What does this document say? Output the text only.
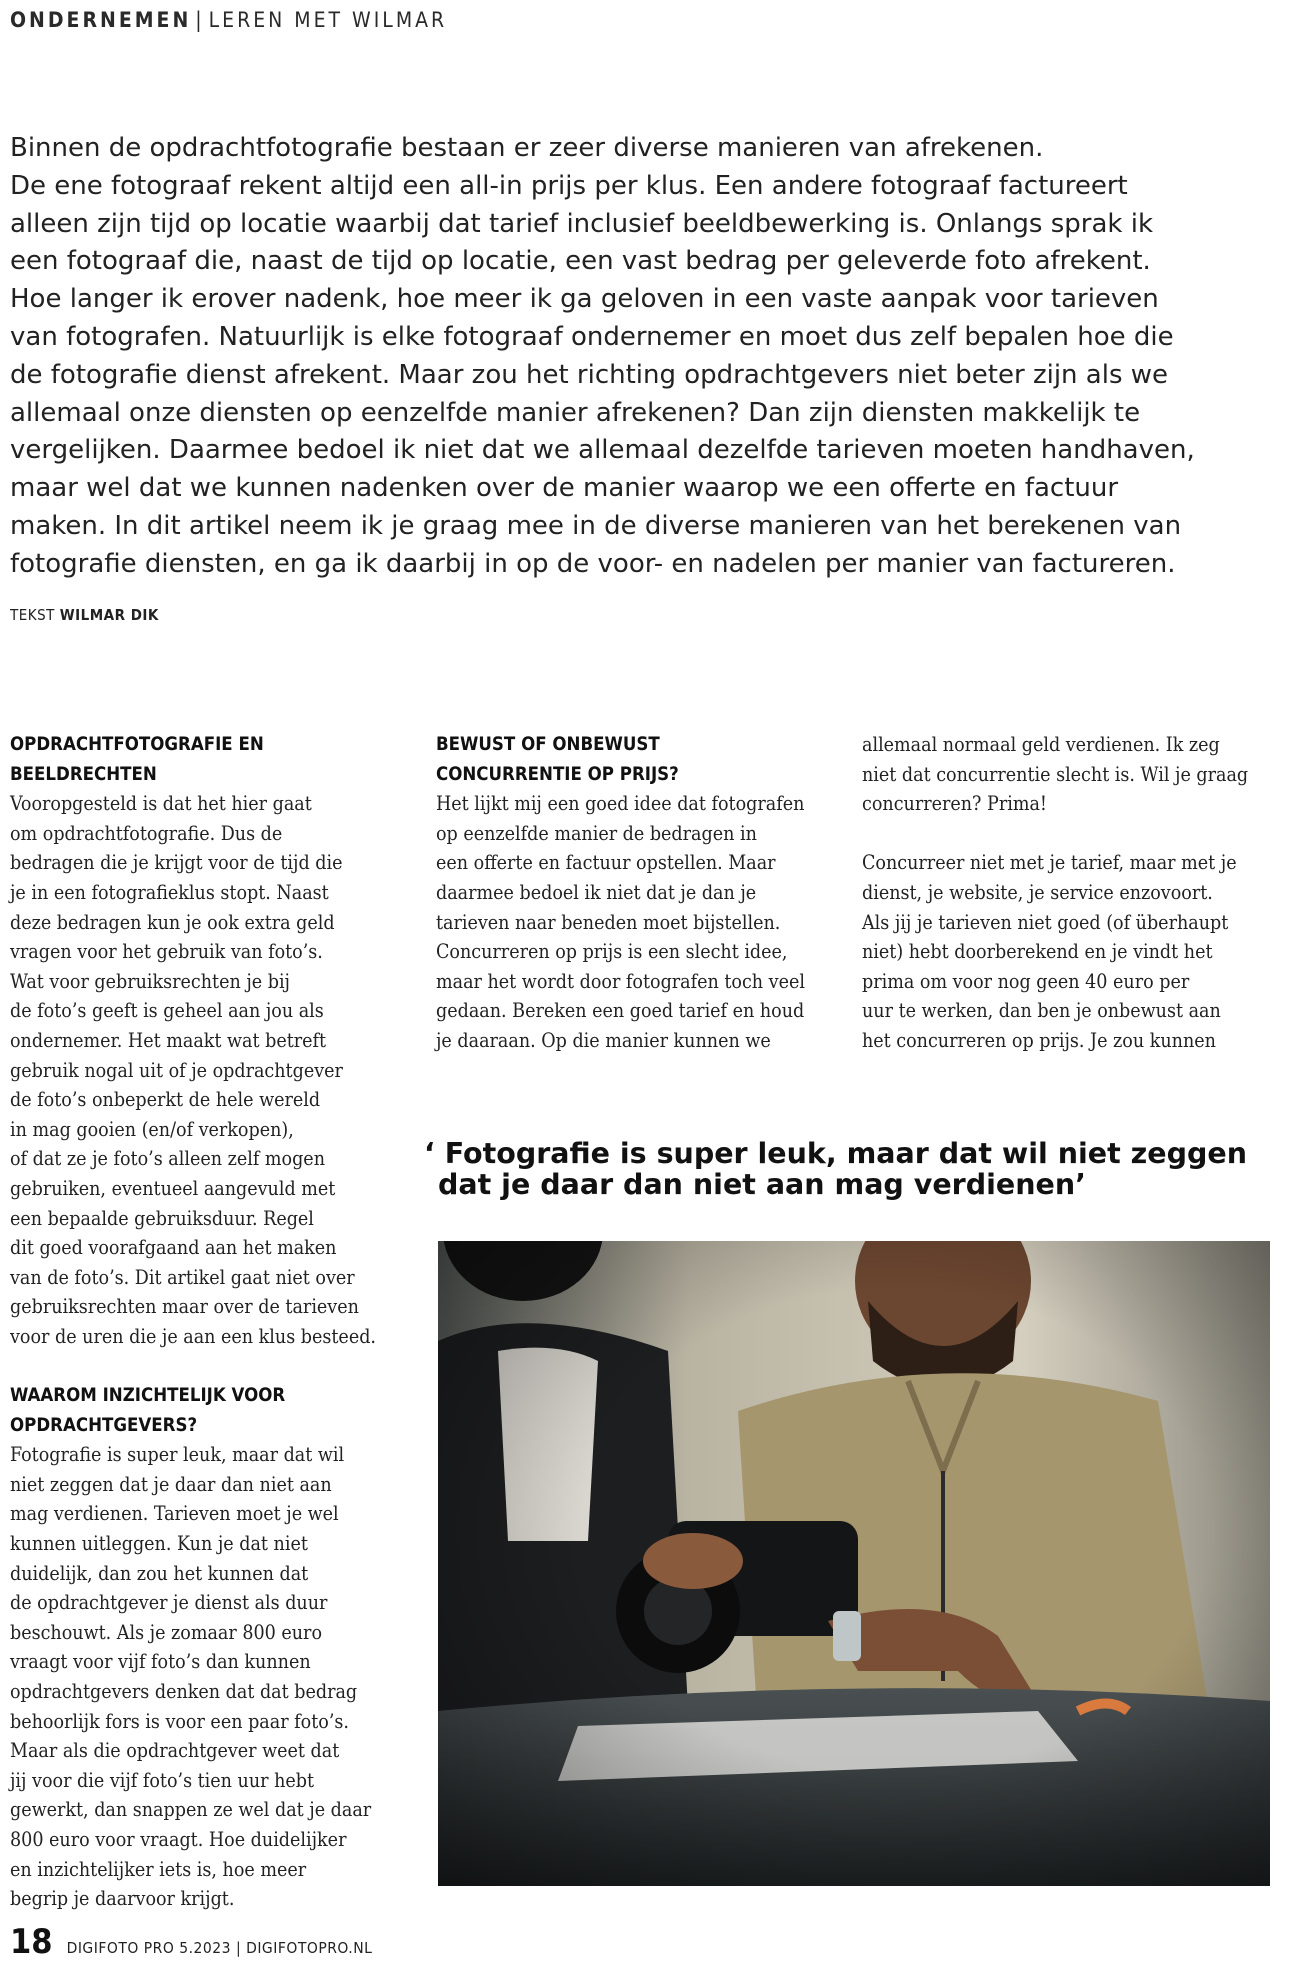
ONDERNEMEN | LEREN MET WILMAR

Binnen de opdrachtfotografie bestaan er zeer diverse manieren van afrekenen.

De ene fotograaf rekent altijd een all-in prijs per klus. Een andere fotograaf factureert

alleen zijn tijd op locatie waarbij dat tarief inclusief beeldbewerking is. Onlangs sprak ik

een fotograaf die, naast de tijd op locatie, een vast bedrag per geleverde foto afrekent.

Hoe langer ik erover nadenk, hoe meer ik ga geloven in een vaste aanpak voor tarieven

van fotografen. Natuurlijk is elke fotograaf ondernemer en moet dus zelf bepalen hoe die

de fotografie dienst afrekent. Maar zou het richting opdrachtgevers niet beter zijn als we

allemaal onze diensten op eenzelfde manier afrekenen? Dan zijn diensten makkelijk te

vergelijken. Daarmee bedoel ik niet dat we allemaal dezelfde tarieven moeten handhaven,

maar wel dat we kunnen nadenken over de manier waarop we een offerte en factuur

maken. In dit artikel neem ik je graag mee in de diverse manieren van het berekenen van

fotografie diensten, en ga ik daarbij in op de voor- en nadelen per manier van factureren.

TEKST WILMAR DIK
OPDRACHTFOTOGRAFIE EN BEELDRECHTEN

Vooropgesteld is dat het hier gaat

om opdrachtfotografie. Dus de

bedragen die je krijgt voor de tijd die

je in een fotografieklus stopt. Naast

deze bedragen kun je ook extra geld

vragen voor het gebruik van foto’s.

Wat voor gebruiksrechten je bij

de foto’s geeft is geheel aan jou als

ondernemer. Het maakt wat betreft

gebruik nogal uit of je opdrachtgever

de foto’s onbeperkt de hele wereld

in mag gooien (en/of verkopen),

of dat ze je foto’s alleen zelf mogen

gebruiken, eventueel aangevuld met

een bepaalde gebruiksduur. Regel

dit goed voorafgaand aan het maken

van de foto’s. Dit artikel gaat niet over

gebruiksrechten maar over de tarieven

voor de uren die je aan een klus besteed.

WAAROM INZICHTELIJK VOOR
OPDRACHTGEVERS?

Fotografie is super leuk, maar dat wil

niet zeggen dat je daar dan niet aan

mag verdienen. Tarieven moet je wel

kunnen uitleggen. Kun je dat niet

duidelijk, dan zou het kunnen dat

de opdrachtgever je dienst als duur

beschouwt. Als je zomaar 800 euro

vraagt voor vijf foto’s dan kunnen

opdrachtgevers denken dat dat bedrag

behoorlijk fors is voor een paar foto’s.

Maar als die opdrachtgever weet dat

jij voor die vijf foto’s tien uur hebt

gewerkt, dan snappen ze wel dat je daar

800 euro voor vraagt. Hoe duidelijker

en inzichtelijker iets is, hoe meer

begrip je daarvoor krijgt.

BEWUST OF ONBEWUST
CONCURRENTIE OP PRIJS?

Het lijkt mij een goed idee dat fotografen

op eenzelfde manier de bedragen in

een offerte en factuur opstellen. Maar

daarmee bedoel ik niet dat je dan je

tarieven naar beneden moet bijstellen.

Concurreren op prijs is een slecht idee,

maar het wordt door fotografen toch veel

gedaan. Bereken een goed tarief en houd

je daaraan. Op die manier kunnen we

allemaal normaal geld verdienen. Ik zeg

niet dat concurrentie slecht is. Wil je graag

concurreren? Prima!

Concurreer niet met je tarief, maar met je

dienst, je website, je service enzovoort.

Als jij je tarieven niet goed (of überhaupt

niet) hebt doorberekend en je vindt het

prima om voor nog geen 40 euro per

uur te werken, dan ben je onbewust aan

het concurreren op prijs. Je zou kunnen

‘ Fotografie is super leuk, maar dat wil niet zeggen
dat je daar dan niet aan mag verdienen’
18 DIGIFOTO PRO 5.2023 | DIGIFOTOPRO.NL
